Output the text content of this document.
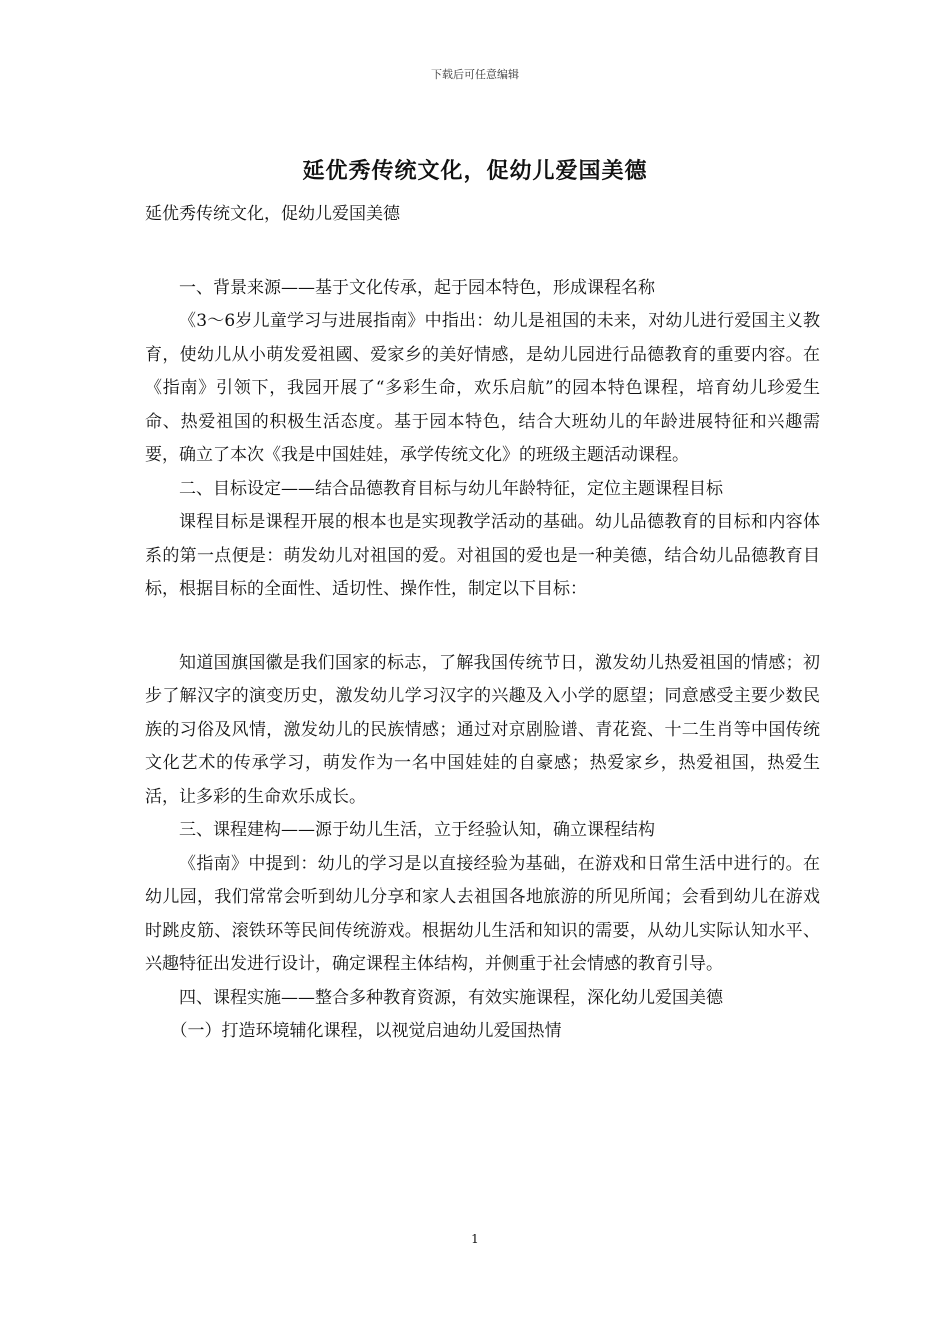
下载后可任意编辑
延优秀传统文化，促幼儿爱国美德

延优秀传统文化，促幼儿爱国美德

一、背景来源——基于文化传承，起于园本特色，形成课程名称

《3～6岁儿童学习与进展指南》中指出：幼儿是祖国的未来，对幼儿进行爱国主义教育，使幼儿从小萌发爱祖國、爱家乡的美好情感，是幼儿园进行品德教育的重要内容。在《指南》引领下，我园开展了“多彩生命，欢乐启航”的园本特色课程，培育幼儿珍爱生命、热爱祖国的积极生活态度。基于园本特色，结合大班幼儿的年龄进展特征和兴趣需要，确立了本次《我是中国娃娃，承学传统文化》的班级主题活动课程。

二、目标设定——结合品德教育目标与幼儿年龄特征，定位主题课程目标

课程目标是课程开展的根本也是实现教学活动的基础。幼儿品德教育的目标和内容体系的第一点便是：萌发幼儿对祖国的爱。对祖国的爱也是一种美德，结合幼儿品德教育目标，根据目标的全面性、适切性、操作性，制定以下目标：

知道国旗国徽是我们国家的标志，了解我国传统节日，激发幼儿热爱祖国的情感；初步了解汉字的演变历史，激发幼儿学习汉字的兴趣及入小学的愿望；同意感受主要少数民族的习俗及风情，激发幼儿的民族情感；通过对京剧脸谱、青花瓷、十二生肖等中国传统文化艺术的传承学习，萌发作为一名中国娃娃的自豪感；热爱家乡，热爱祖国，热爱生活，让多彩的生命欢乐成长。

三、课程建构——源于幼儿生活，立于经验认知，确立课程结构

《指南》中提到：幼儿的学习是以直接经验为基础，在游戏和日常生活中进行的。在幼儿园，我们常常会听到幼儿分享和家人去祖国各地旅游的所见所闻；会看到幼儿在游戏时跳皮筋、滚铁环等民间传统游戏。根据幼儿生活和知识的需要，从幼儿实际认知水平、兴趣特征出发进行设计，确定课程主体结构，并侧重于社会情感的教育引导。

四、课程实施——整合多种教育资源，有效实施课程，深化幼儿爱国美德

（一）打造环境辅化课程，以视觉启迪幼儿爱国热情

1
